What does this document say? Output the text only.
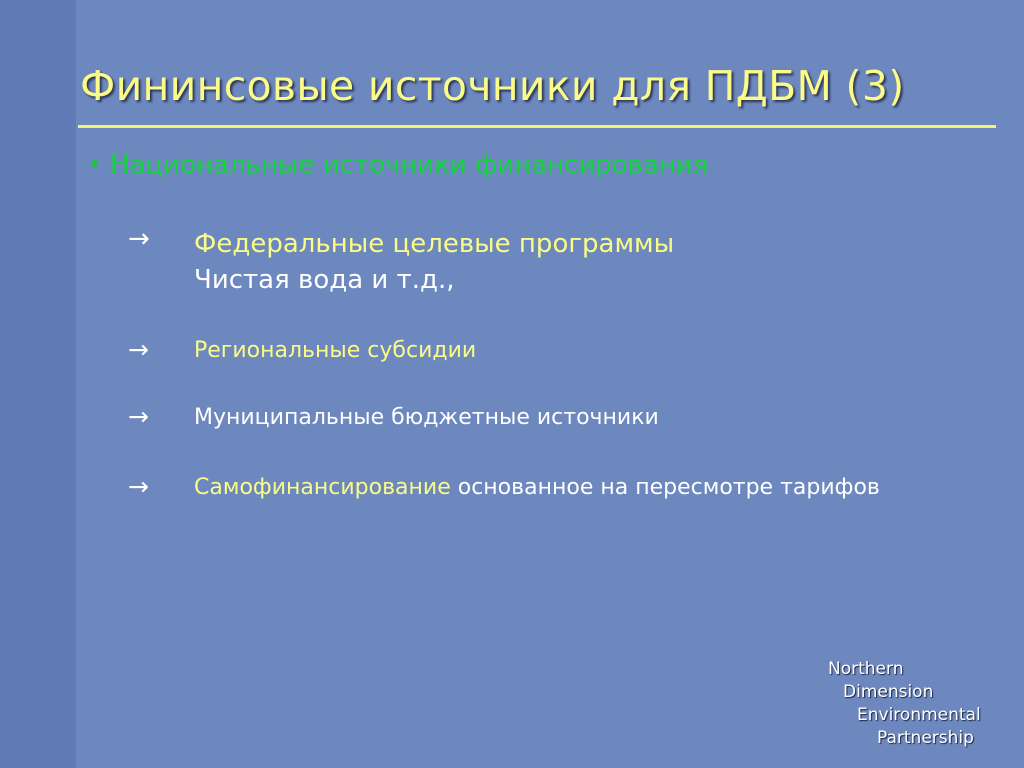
Фининсовые источники для ПДБМ (3)
Национальные источники финансирования
→ Федеральные целевые программы
Чистая вода и т.д.,
→ Региональные субсидии
→ Муниципальные бюджетные источники
→ Самофинансирование основанное на пересмотре тарифов
Northern
Dimension
Environmental
Partnership
